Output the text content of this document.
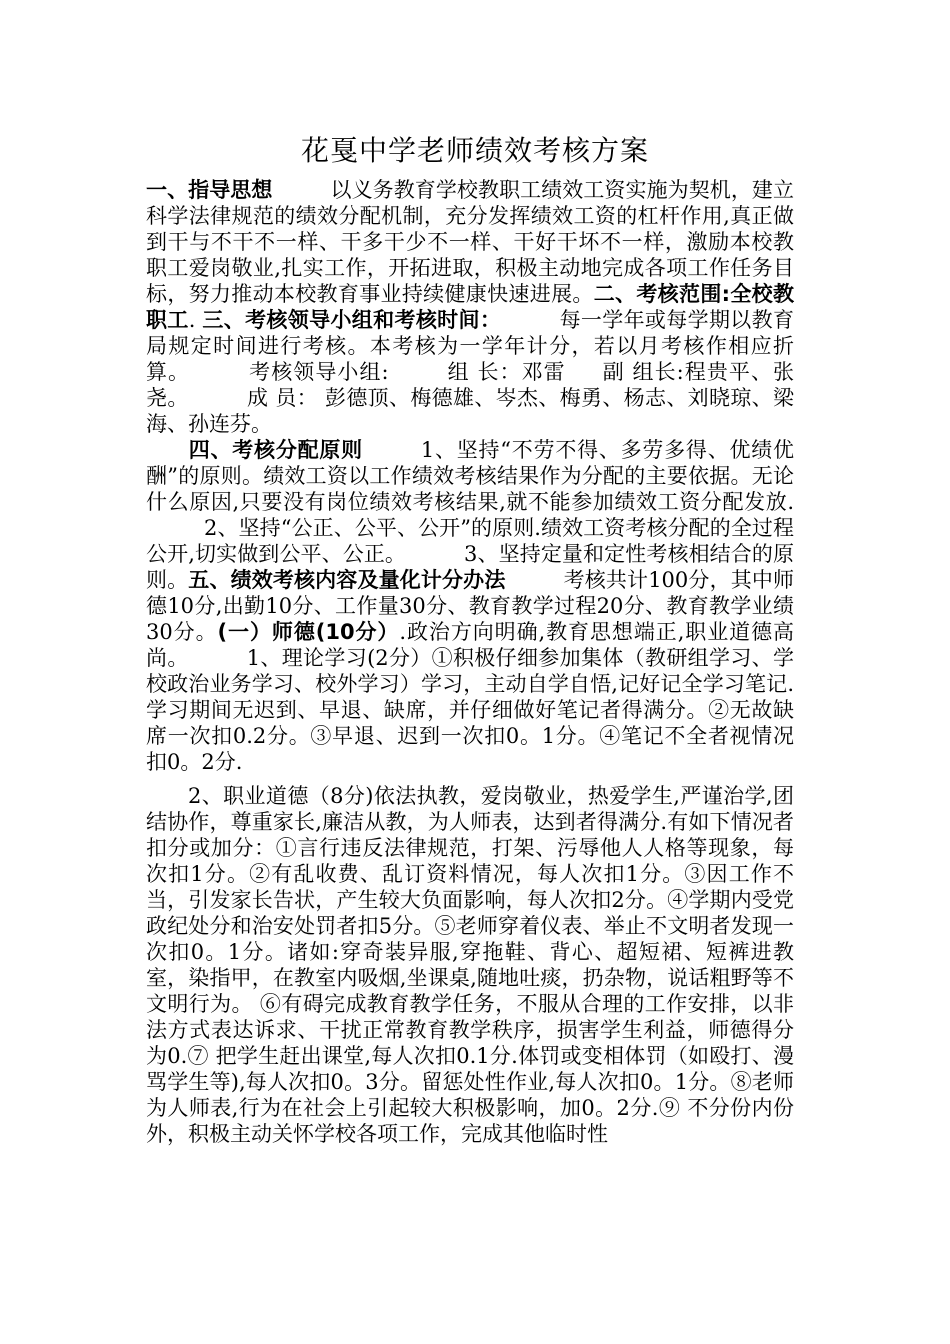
花戛中学老师绩效考核方案

一、指导思想	以义务教育学校教职工绩效工资实施为契机，建立科学法律规范的绩效分配机制，充分发挥绩效工资的杠杆作用,真正做到干与不干不一样、干多干少不一样、干好干坏不一样，激励本校教职工爱岗敬业,扎实工作，开拓进取，积极主动地完成各项工作任务目标，努力推动本校教育事业持续健康快速进展。二、考核范围:全校教职工. 三、考核领导小组和考核时间：	每一学年或每学期以教育局规定时间进行考核。本考核为一学年计分，若以月考核作相应折算。	考核领导小组:	组 长：邓雷 副 组长:程贵平、张尧。	成 员： 彭德顶、梅德雄、岑杰、梅勇、杨志、刘晓琼、梁海、孙连芬。
四、考核分配原则	1、坚持“不劳不得、多劳多得、优绩优酬”的原则。绩效工资以工作绩效考核结果作为分配的主要依据。无论什么原因,只要没有岗位绩效考核结果,就不能参加绩效工资分配发放.2、坚持“公正、公平、公开”的原则.绩效工资考核分配的全过程公开,切实做到公平、公正。	3、坚持定量和定性考核相结合的原则。五、绩效考核内容及量化计分办法	考核共计100分，其中师德10分,出勤10分、工作量30分、教育教学过程20分、教育教学业绩30分。(一）师德(10分）.政治方向明确,教育思想端正,职业道德高尚。	1、理论学习(2分）①积极仔细参加集体（教研组学习、学校政治业务学习、校外学习）学习，主动自学自悟,记好记全学习笔记.学习期间无迟到、早退、缺席，并仔细做好笔记者得满分。②无故缺席一次扣0.2分。③早退、迟到一次扣0。1分。④笔记不全者视情况扣0。2分.

2、职业道德（8分)依法执教，爱岗敬业，热爱学生,严谨治学,团结协作，尊重家长,廉洁从教，为人师表，达到者得满分.有如下情况者扣分或加分：①言行违反法律规范，打架、污辱他人人格等现象，每次扣1分。②有乱收费、乱订资料情况，每人次扣1分。③因工作不当，引发家长告状，产生较大负面影响，每人次扣2分。④学期内受党政纪处分和治安处罚者扣5分。⑤老师穿着仪表、举止不文明者发现一次扣0。1分。诸如:穿奇装异服,穿拖鞋、背心、超短裙、短裤进教室，染指甲，在教室内吸烟,坐课桌,随地吐痰，扔杂物，说话粗野等不文明行为。 ⑥有碍完成教育教学任务，不服从合理的工作安排，以非法方式表达诉求、干扰正常教育教学秩序，损害学生利益，师德得分为0.⑦ 把学生赶出课堂,每人次扣0.1分.体罚或变相体罚（如殴打、漫骂学生等),每人次扣0。3分。留惩处性作业,每人次扣0。1分。⑧老师为人师表,行为在社会上引起较大积极影响，加0。2分.⑨ 不分份内份外，积极主动关怀学校各项工作，完成其他临时性
